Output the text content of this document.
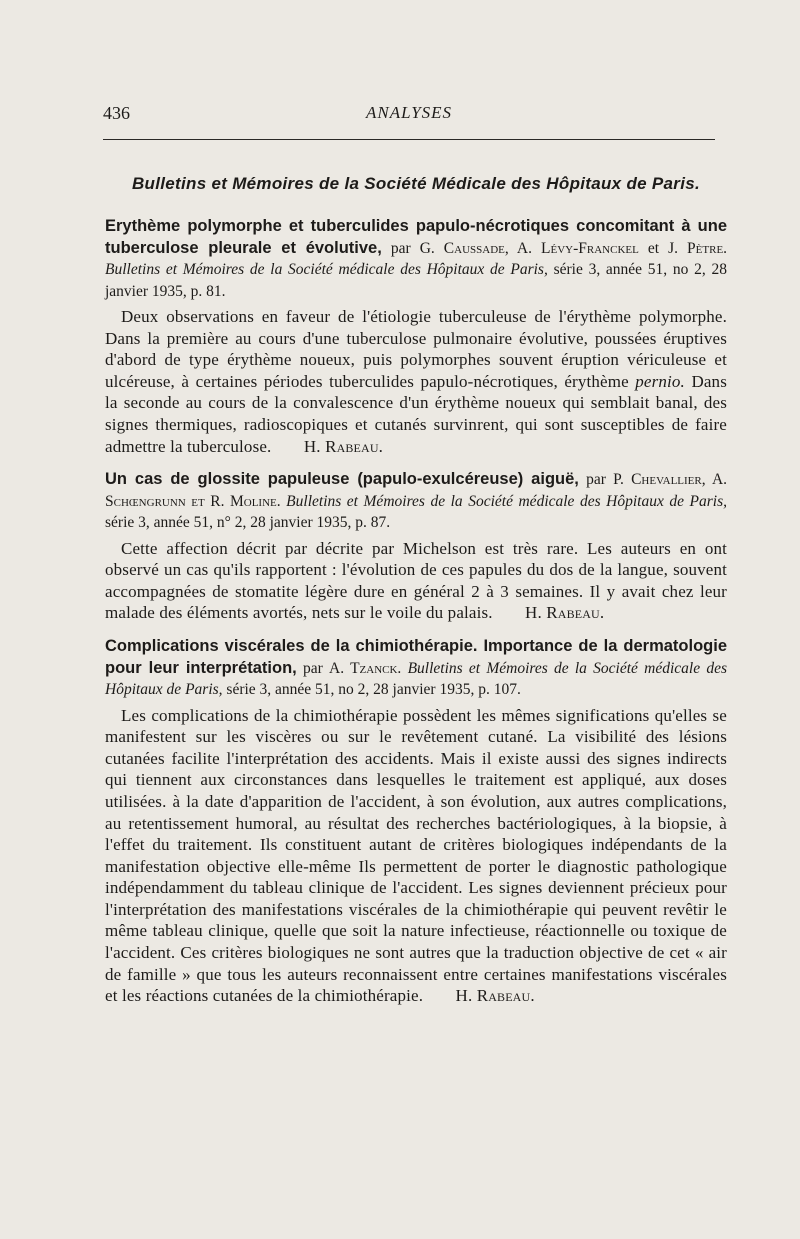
436	ANALYSES
Bulletins et Mémoires de la Société Médicale des Hôpitaux de Paris.

Erythème polymorphe et tuberculides papulo-nécrotiques concomitant à une tuberculose pleurale et évolutive, par G. Caussade, A. Lévy-Franckel et J. Pètre. Bulletins et Mémoires de la Société médicale des Hôpitaux de Paris, série 3, année 51, no 2, 28 janvier 1935, p. 81.

Deux observations en faveur de l'étiologie tuberculeuse de l'érythème polymorphe. Dans la première au cours d'une tuberculose pulmonaire évolutive, poussées éruptives d'abord de type érythème noueux, puis polymorphes souvent éruption vériculeuse et ulcéreuse, à certaines périodes tuberculides papulo-nécrotiques, érythème pernio. Dans la seconde au cours de la convalescence d'un érythème noueux qui semblait banal, des signes thermiques, radioscopiques et cutanés survinrent, qui sont susceptibles de faire admettre la tuberculose. H. Rabeau.

Un cas de glossite papuleuse (papulo-exulcéreuse) aiguë, par P. Chevallier, A. Schœngrunn et R. Moline. Bulletins et Mémoires de la Société médicale des Hôpitaux de Paris, série 3, année 51, n° 2, 28 janvier 1935, p. 87.

Cette affection décrit par décrite par Michelson est très rare. Les auteurs en ont observé un cas qu'ils rapportent : l'évolution de ces papules du dos de la langue, souvent accompagnées de stomatite légère dure en général 2 à 3 semaines. Il y avait chez leur malade des éléments avortés, nets sur le voile du palais. H. Rabeau.

Complications viscérales de la chimiothérapie. Importance de la dermatologie pour leur interprétation, par A. Tzanck. Bulletins et Mémoires de la Société médicale des Hôpitaux de Paris, série 3, année 51, no 2, 28 janvier 1935, p. 107.

Les complications de la chimiothérapie possèdent les mêmes significations qu'elles se manifestent sur les viscères ou sur le revêtement cutané. La visibilité des lésions cutanées facilite l'interprétation des accidents. Mais il existe aussi des signes indirects qui tiennent aux circonstances dans lesquelles le traitement est appliqué, aux doses utilisées. à la date d'apparition de l'accident, à son évolution, aux autres complications, au retentissement humoral, au résultat des recherches bactériologiques, à la biopsie, à l'effet du traitement. Ils constituent autant de critères biologiques indépendants de la manifestation objective elle-même Ils permettent de porter le diagnostic pathologique indépendamment du tableau clinique de l'accident. Les signes deviennent précieux pour l'interprétation des manifestations viscérales de la chimiothérapie qui peuvent revêtir le même tableau clinique, quelle que soit la nature infectieuse, réactionnelle ou toxique de l'accident. Ces critères biologiques ne sont autres que la traduction objective de cet « air de famille » que tous les auteurs reconnaissent entre certaines manifestations viscérales et les réactions cutanées de la chimiothérapie. H. Rabeau.
